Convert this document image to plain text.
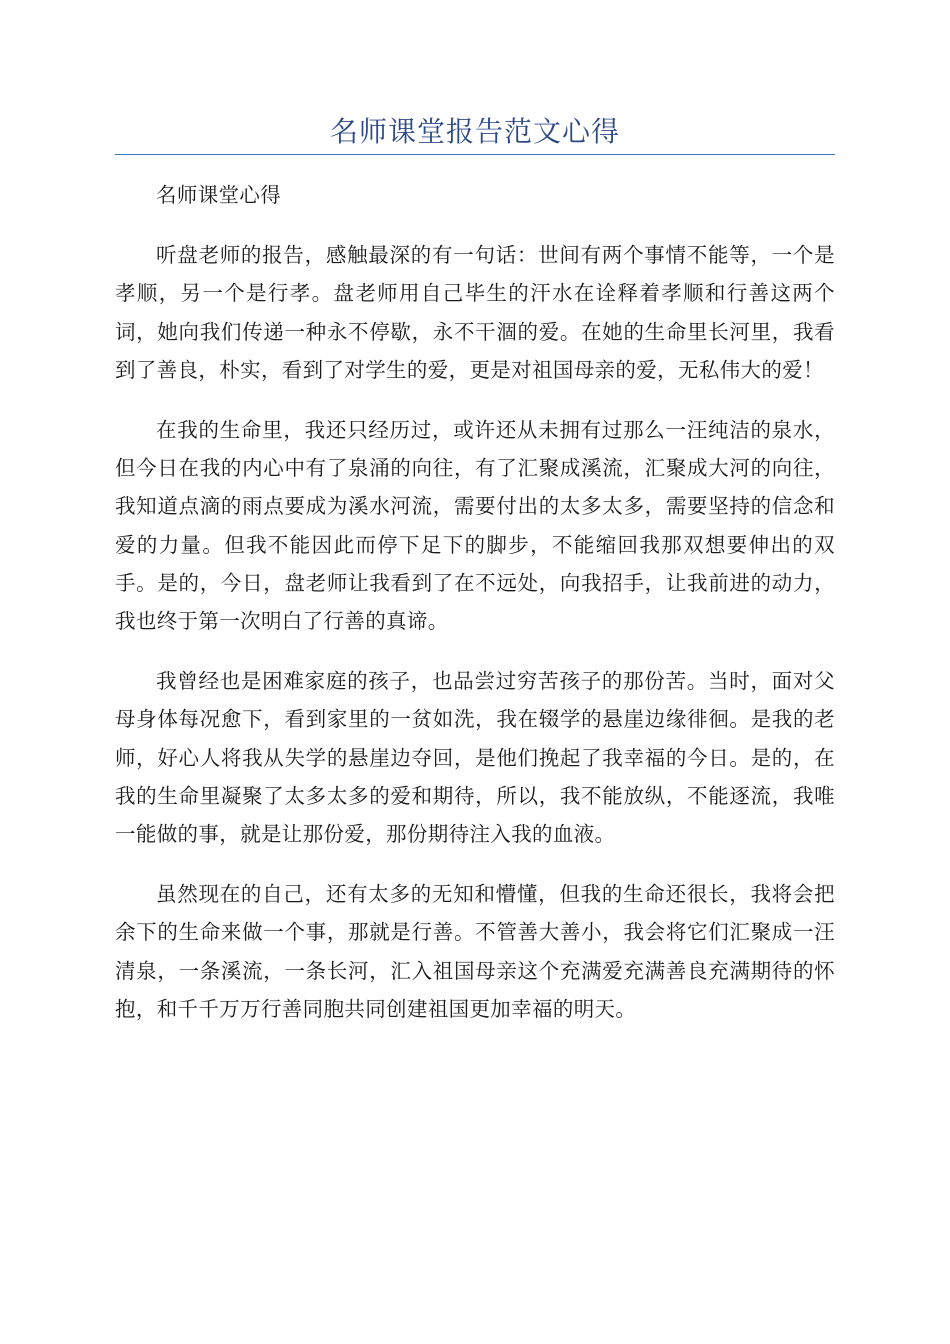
名师课堂报告范文心得

名师课堂心得

听盘老师的报告，感触最深的有一句话：世间有两个事情不能等，一个是孝顺，另一个是行孝。盘老师用自己毕生的汗水在诠释着孝顺和行善这两个词，她向我们传递一种永不停歇，永不干涸的爱。在她的生命里长河里，我看到了善良，朴实，看到了对学生的爱，更是对祖国母亲的爱，无私伟大的爱！

在我的生命里，我还只经历过，或许还从未拥有过那么一汪纯洁的泉水，但今日在我的内心中有了泉涌的向往，有了汇聚成溪流，汇聚成大河的向往，我知道点滴的雨点要成为溪水河流，需要付出的太多太多，需要坚持的信念和爱的力量。但我不能因此而停下足下的脚步，不能缩回我那双想要伸出的双手。是的，今日，盘老师让我看到了在不远处，向我招手，让我前进的动力，我也终于第一次明白了行善的真谛。

我曾经也是困难家庭的孩子，也品尝过穷苦孩子的那份苦。当时，面对父母身体每况愈下，看到家里的一贫如洗，我在辍学的悬崖边缘徘徊。是我的老师，好心人将我从失学的悬崖边夺回，是他们挽起了我幸福的今日。是的，在我的生命里凝聚了太多太多的爱和期待，所以，我不能放纵，不能逐流，我唯一能做的事，就是让那份爱，那份期待注入我的血液。

虽然现在的自己，还有太多的无知和懵懂，但我的生命还很长，我将会把余下的生命来做一个事，那就是行善。不管善大善小，我会将它们汇聚成一汪清泉，一条溪流，一条长河，汇入祖国母亲这个充满爱充满善良充满期待的怀抱，和千千万万行善同胞共同创建祖国更加幸福的明天。
